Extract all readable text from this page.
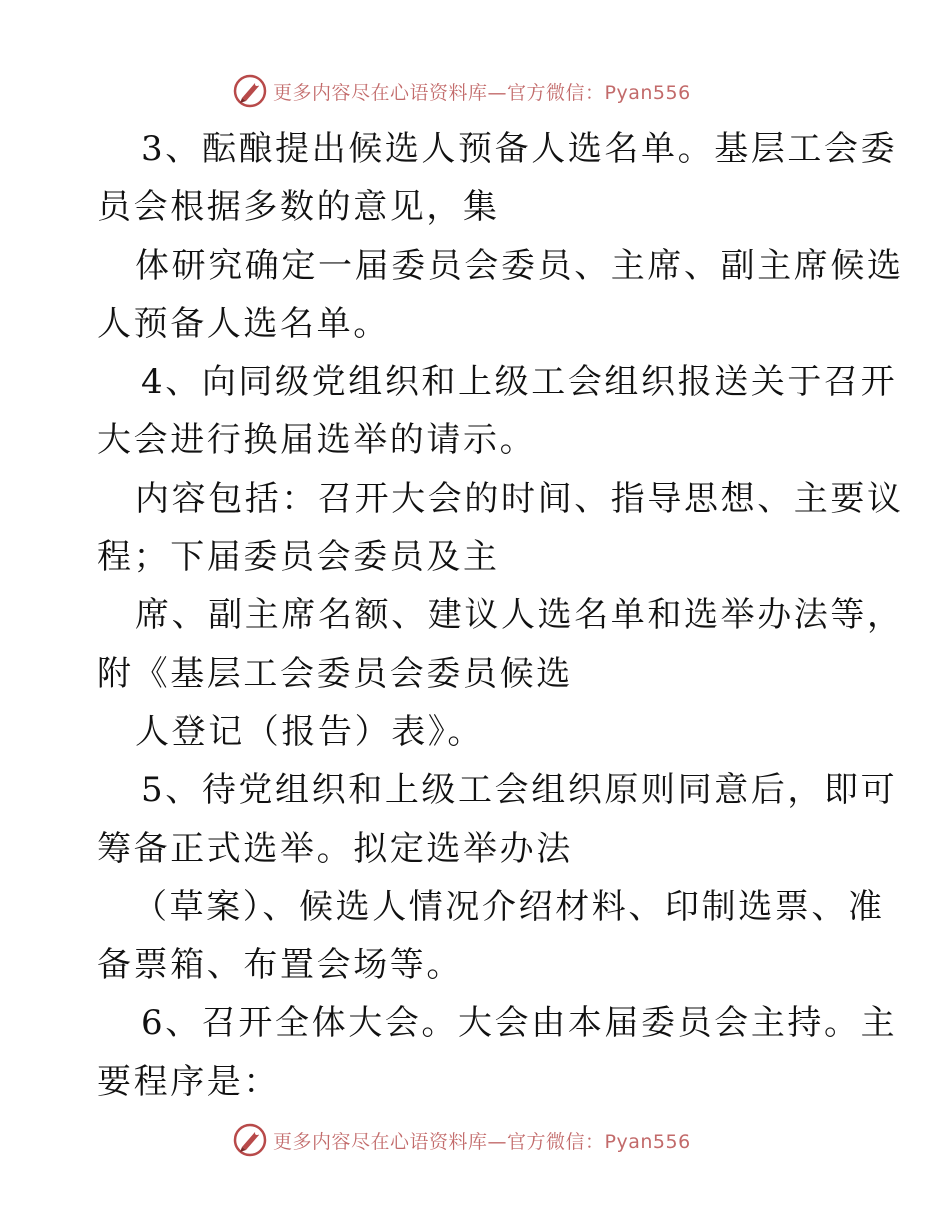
更多内容尽在心语资料库—官方微信：Pyan556
3、酝酿提出候选人预备人选名单。基层工会委
员会根据多数的意见，集
体研究确定一届委员会委员、主席、副主席候选
人预备人选名单。
4、向同级党组织和上级工会组织报送关于召开
大会进行换届选举的请示。
内容包括：召开大会的时间、指导思想、主要议
程；下届委员会委员及主
席、副主席名额、建议人选名单和选举办法等，
附《基层工会委员会委员候选
人登记（报告）表》。
5、待党组织和上级工会组织原则同意后，即可
筹备正式选举。拟定选举办法
（草案）、候选人情况介绍材料、印制选票、准
备票箱、布置会场等。
6、召开全体大会。大会由本届委员会主持。主
要程序是：
更多内容尽在心语资料库—官方微信：Pyan556
